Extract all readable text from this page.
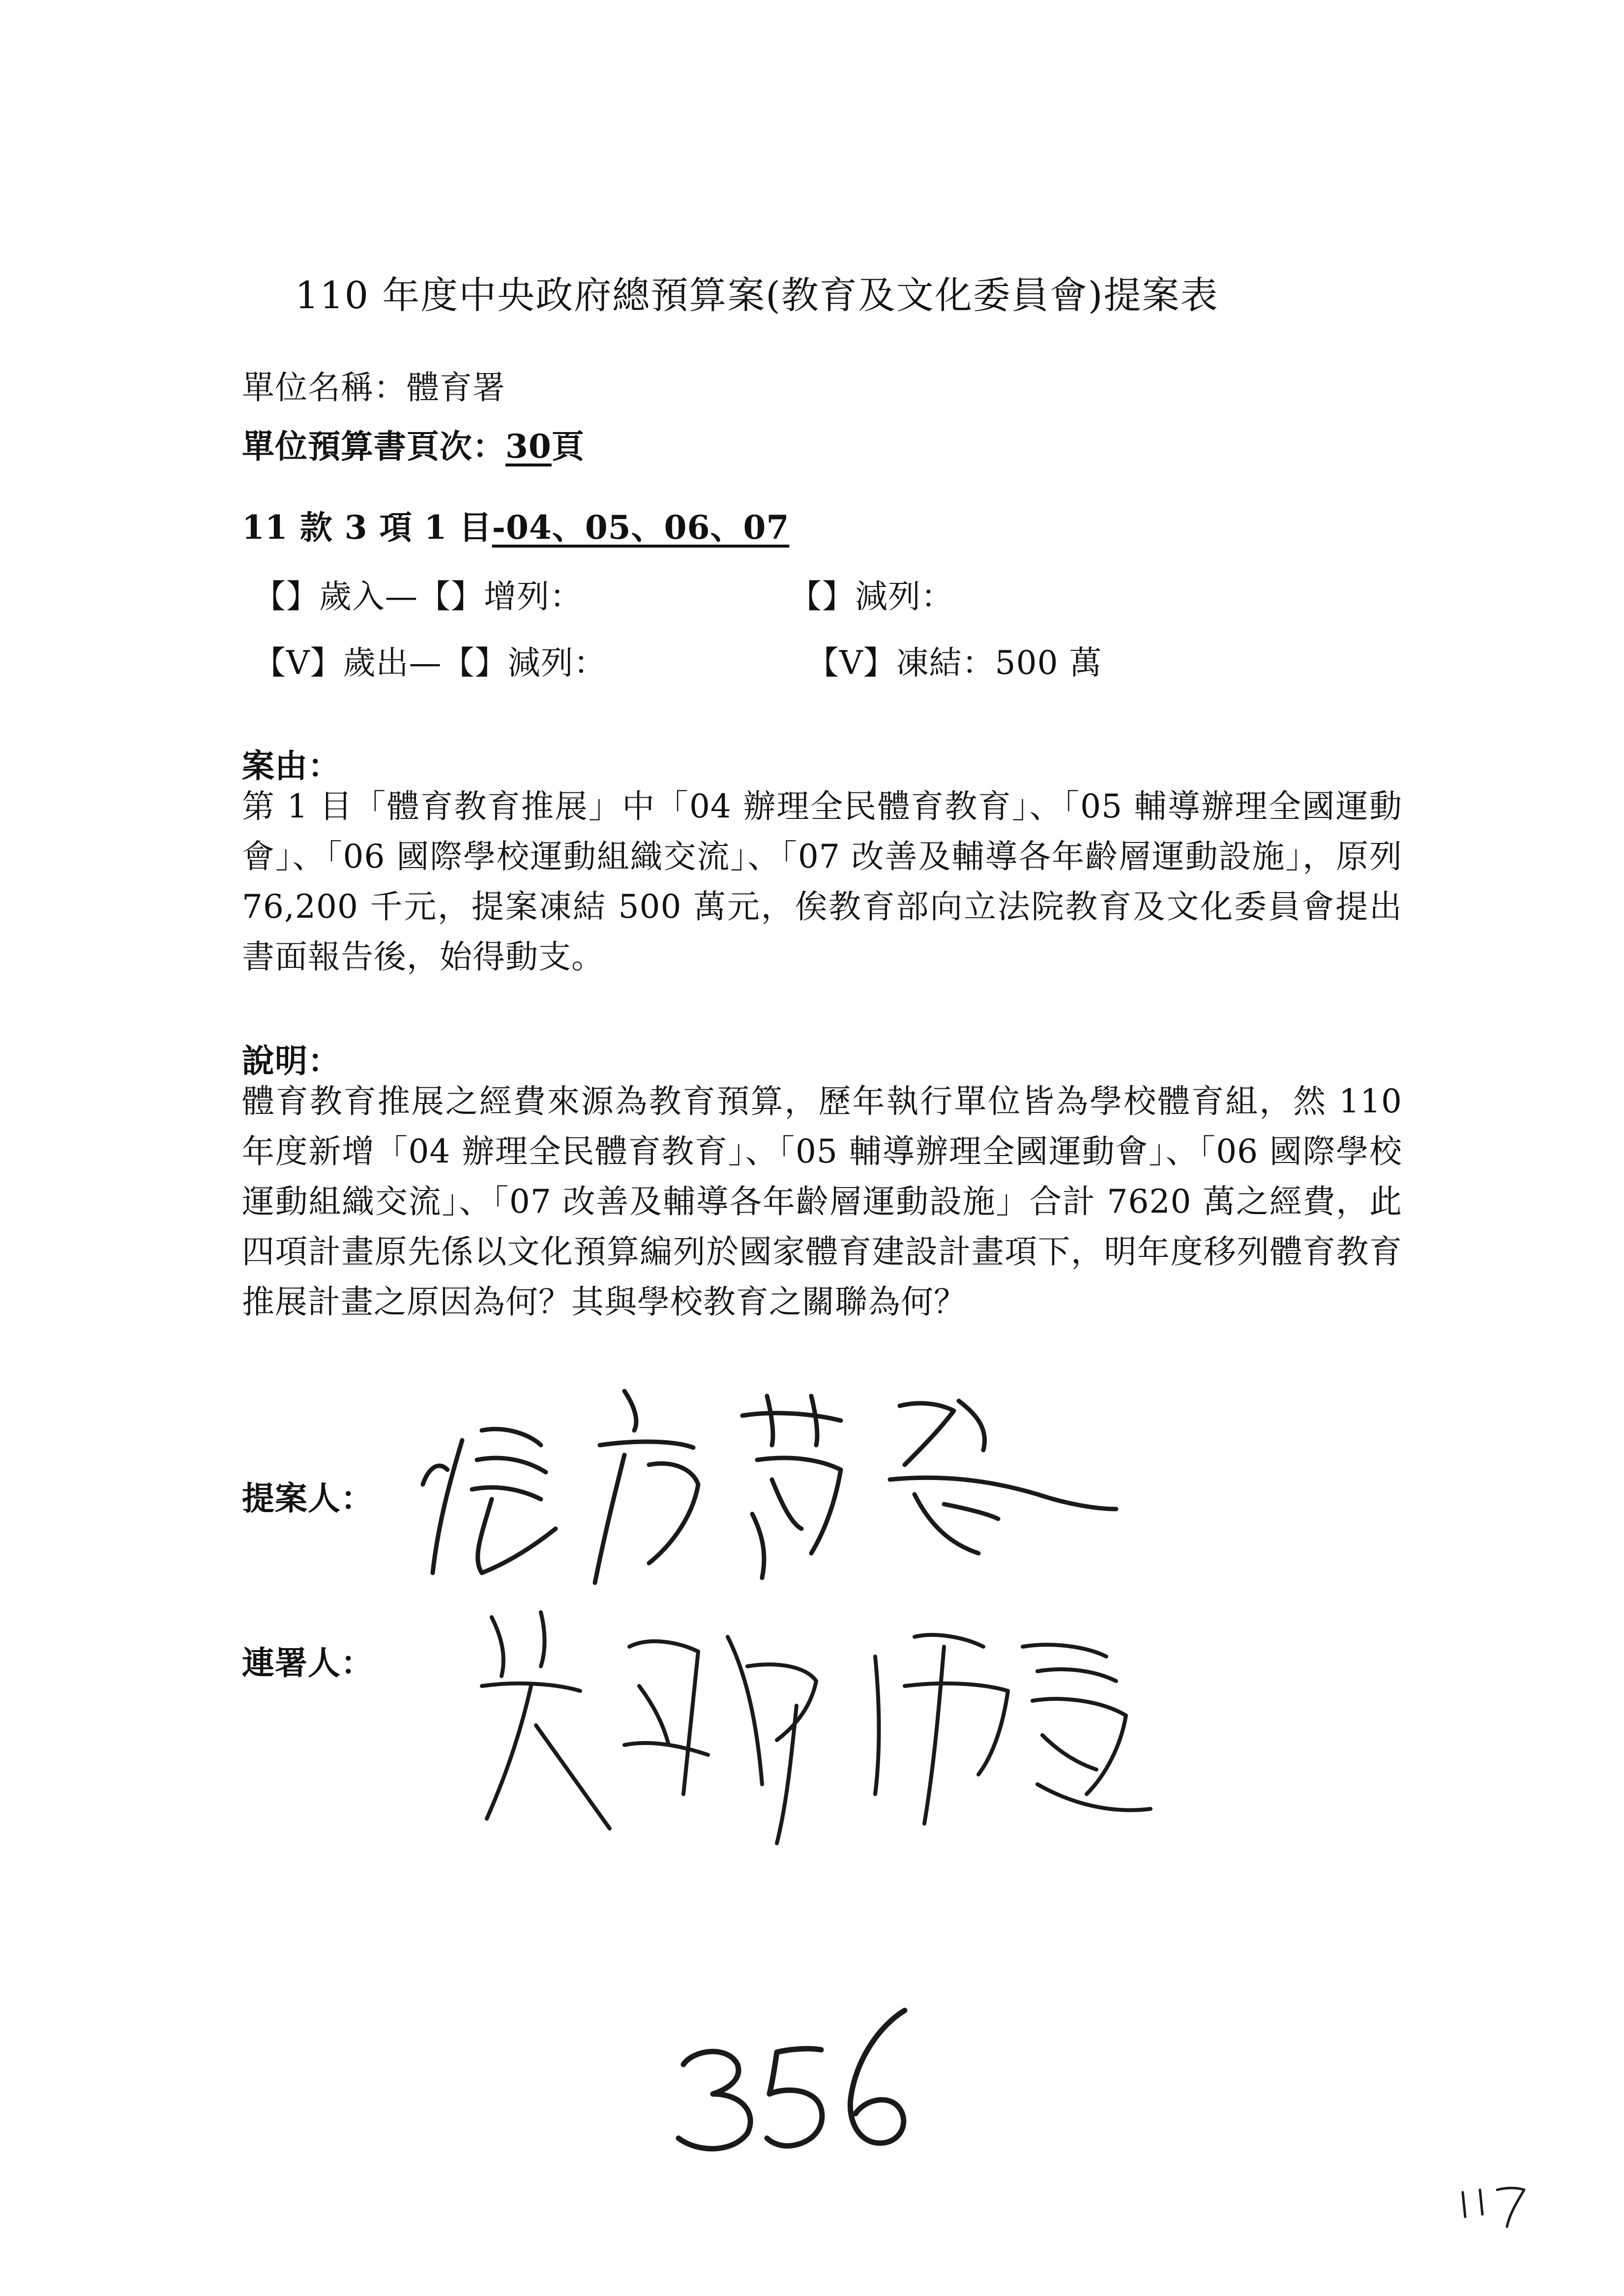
110 年度中央政府總預算案(教育及文化委員會)提案表
單位名稱：體育署
單位預算書頁次：30頁
11 款 3 項 1 目-04、05、06、07
【】歲入—【】增列：	【】減列：
【V】歲出—【】減列：	【V】凍結：500 萬
案由：
第 1 目「體育教育推展」中「04 辦理全民體育教育」、「05 輔導辦理全國運動會」、「06 國際學校運動組織交流」、「07 改善及輔導各年齡層運動設施」，原列 76,200 千元，提案凍結 500 萬元，俟教育部向立法院教育及文化委員會提出書面報告後，始得動支。
說明：
體育教育推展之經費來源為教育預算，歷年執行單位皆為學校體育組，然 110 年度新增「04 辦理全民體育教育」、「05 輔導辦理全國運動會」、「06 國際學校運動組織交流」、「07 改善及輔導各年齡層運動設施」合計 7620 萬之經費，此四項計畫原先係以文化預算編列於國家體育建設計畫項下，明年度移列體育教育推展計畫之原因為何？其與學校教育之關聯為何？
提案人：
連署人：
